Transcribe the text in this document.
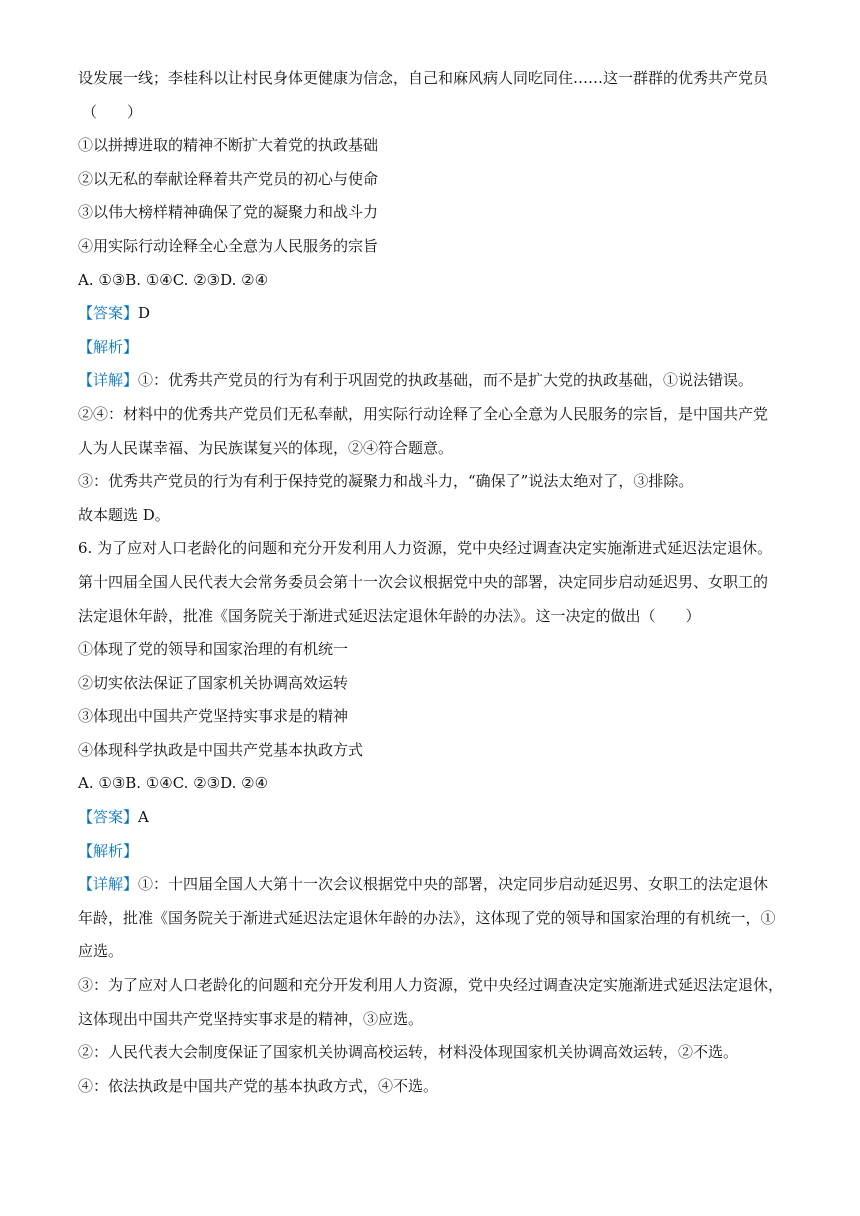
设发展一线；李桂科以让村民身体更健康为信念，自己和麻风病人同吃同住……这一群群的优秀共产党员
（　　）
①以拼搏进取的精神不断扩大着党的执政基础
②以无私的奉献诠释着共产党员的初心与使命
③以伟大榜样精神确保了党的凝聚力和战斗力
④用实际行动诠释全心全意为人民服务的宗旨
A. ①③B. ①④C. ②③D. ②④
【答案】D
【解析】
【详解】①：优秀共产党员的行为有利于巩固党的执政基础，而不是扩大党的执政基础，①说法错误。
②④：材料中的优秀共产党员们无私奉献，用实际行动诠释了全心全意为人民服务的宗旨，是中国共产党
人为人民谋幸福、为民族谋复兴的体现，②④符合题意。
③：优秀共产党员的行为有利于保持党的凝聚力和战斗力，“确保了”说法太绝对了，③排除。
故本题选 D。
6. 为了应对人口老龄化的问题和充分开发利用人力资源，党中央经过调查决定实施渐进式延迟法定退休。
第十四届全国人民代表大会常务委员会第十一次会议根据党中央的部署，决定同步启动延迟男、女职工的
法定退休年龄，批准《国务院关于渐进式延迟法定退休年龄的办法》。这一决定的做出（　　）
①体现了党的领导和国家治理的有机统一
②切实依法保证了国家机关协调高效运转
③体现出中国共产党坚持实事求是的精神
④体现科学执政是中国共产党基本执政方式
A. ①③B. ①④C. ②③D. ②④
【答案】A
【解析】
【详解】①：十四届全国人大第十一次会议根据党中央的部署，决定同步启动延迟男、女职工的法定退休
年龄，批准《国务院关于渐进式延迟法定退休年龄的办法》，这体现了党的领导和国家治理的有机统一，①
应选。
③：为了应对人口老龄化的问题和充分开发利用人力资源，党中央经过调查决定实施渐进式延迟法定退休，
这体现出中国共产党坚持实事求是的精神，③应选。
②：人民代表大会制度保证了国家机关协调高校运转，材料没体现国家机关协调高效运转，②不选。
④：依法执政是中国共产党的基本执政方式，④不选。
